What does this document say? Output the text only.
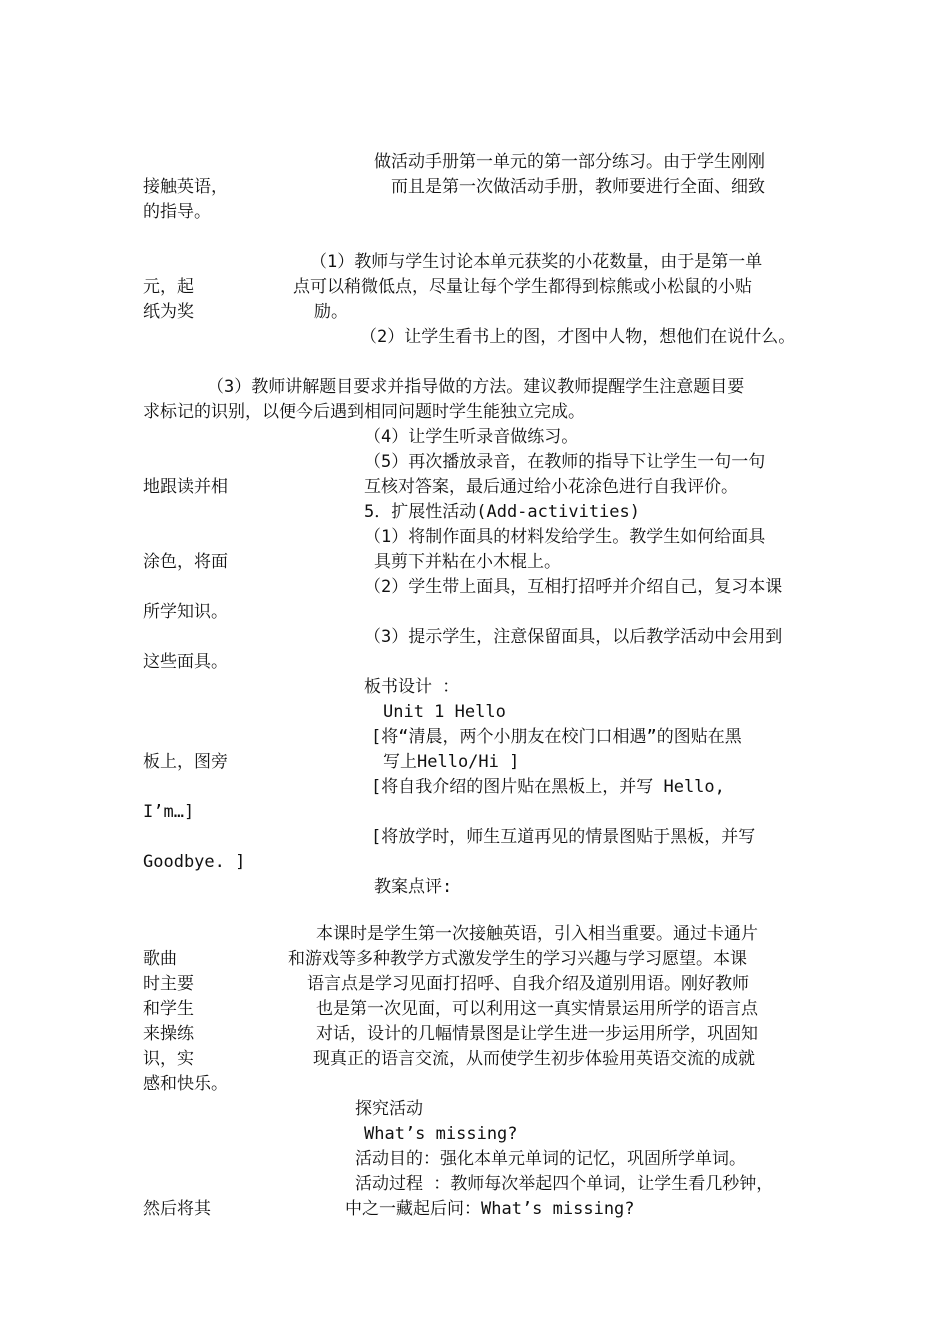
做活动手册第一单元的第一部分练习。由于学生刚刚
接触英语，	而且是第一次做活动手册，教师要进行全面、细致
的指导。
（1）教师与学生讨论本单元获奖的小花数量，由于是第一单
元，起	点可以稍微低点，尽量让每个学生都得到棕熊或小松鼠的小贴
纸为奖	励。
（2）让学生看书上的图，才图中人物，想他们在说什么。
（3）教师讲解题目要求并指导做的方法。建议教师提醒学生注意题目要
求标记的识别，以便今后遇到相同问题时学生能独立完成。
（4）让学生听录音做练习。
（5）再次播放录音，在教师的指导下让学生一句一句
地跟读并相	互核对答案，最后通过给小花涂色进行自我评价。
5．扩展性活动(Add-activities)
（1）将制作面具的材料发给学生。教学生如何给面具
涂色，将面	具剪下并粘在小木棍上。
（2）学生带上面具，互相打招呼并介绍自己，复习本课
所学知识。
（3）提示学生，注意保留面具，以后教学活动中会用到
这些面具。
板书设计 ：
Unit 1 Hello
[将“清晨，两个小朋友在校门口相遇”的图贴在黑
板上，图旁	写上Hello/Hi ]
[将自我介绍的图片贴在黑板上，并写 Hello,
I’m…]
[将放学时，师生互道再见的情景图贴于黑板，并写
Goodbye. ]
教案点评:
本课时是学生第一次接触英语，引入相当重要。通过卡通片
歌曲	和游戏等多种教学方式激发学生的学习兴趣与学习愿望。本课
时主要	语言点是学习见面打招呼、自我介绍及道别用语。刚好教师
和学生	也是第一次见面，可以利用这一真实情景运用所学的语言点
来操练	对话，设计的几幅情景图是让学生进一步运用所学，巩固知
识，实	现真正的语言交流，从而使学生初步体验用英语交流的成就
感和快乐。
探究活动
What’s missing?
活动目的：强化本单元单词的记忆，巩固所学单词。
活动过程 ：教师每次举起四个单词，让学生看几秒钟，
然后将其	中之一藏起后问：What’s missing?
